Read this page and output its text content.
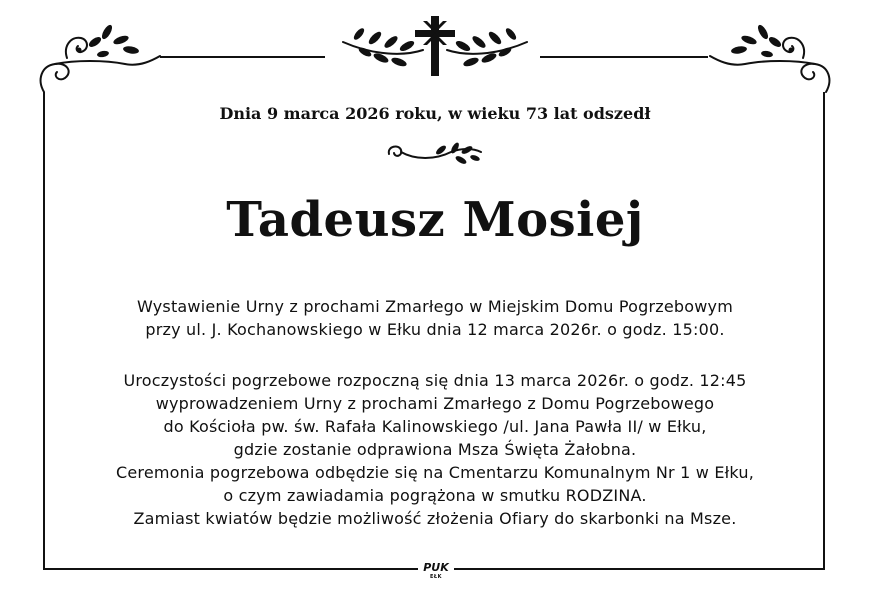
Dnia 9 marca 2026 roku, w wieku 73 lat odszedł
Tadeusz Mosiej
Wystawienie Urny z prochami Zmarłego w Miejskim Domu Pogrzebowym
przy ul. J. Kochanowskiego w Ełku dnia 12 marca 2026r. o godz. 15:00.
Uroczystości pogrzebowe rozpoczną się dnia 13 marca 2026r. o godz. 12:45
wyprowadzeniem Urny z prochami Zmarłego z Domu Pogrzebowego
do Kościoła pw. św. Rafała Kalinowskiego /ul. Jana Pawła II/ w Ełku,
gdzie zostanie odprawiona Msza Święta Żałobna.
Ceremonia pogrzebowa odbędzie się na Cmentarzu Komunalnym Nr 1 w Ełku,
o czym zawiadamia pogrążona w smutku RODZINA.
Zamiast kwiatów będzie możliwość złożenia Ofiary do skarbonki na Msze.
PUK
EŁK
